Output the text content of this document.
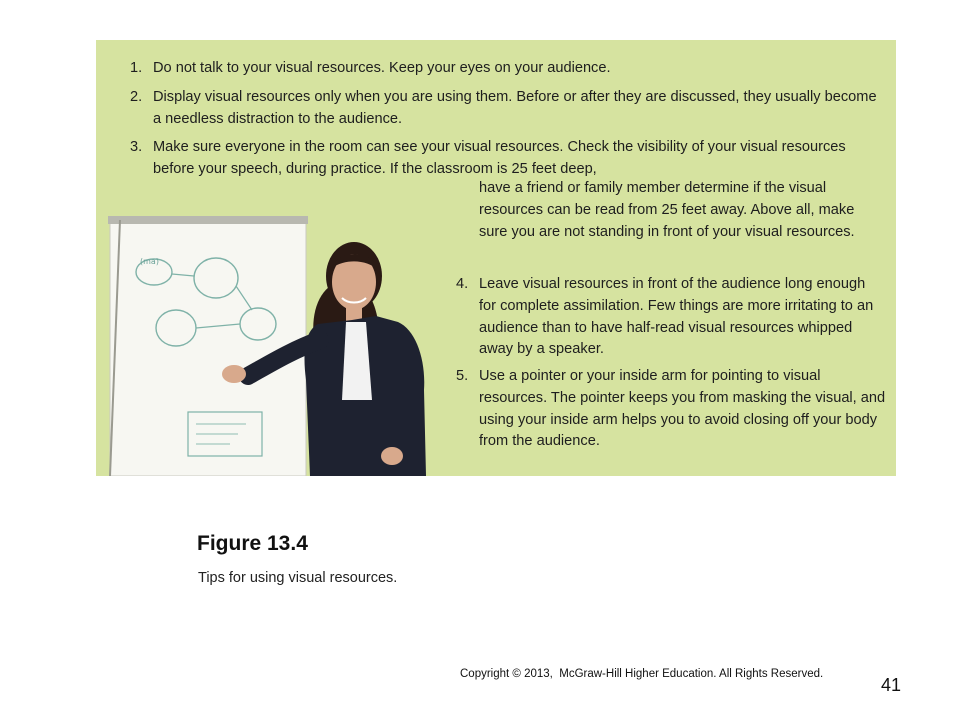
1. Do not talk to your visual resources. Keep your eyes on your audience.
2. Display visual resources only when you are using them. Before or after they are discussed, they usually become a needless distraction to the audience.
3. Make sure everyone in the room can see your visual resources. Check the visibility of your visual resources before your speech, during practice. If the classroom is 25 feet deep,
have a friend or family member determine if the visual resources can be read from 25 feet away. Above all, make sure you are not standing in front of your visual resources.
4. Leave visual resources in front of the audience long enough for complete assimilation. Few things are more irritating to an audience than to have half-read visual resources whipped away by a speaker.
5. Use a pointer or your inside arm for pointing to visual resources. The pointer keeps you from masking the visual, and using your inside arm helps you to avoid closing off your body from the audience.
(ma)
Figure 13.4
Tips for using visual resources.
Copyright © 2013,  McGraw-Hill Higher Education. All Rights Reserved.
41
